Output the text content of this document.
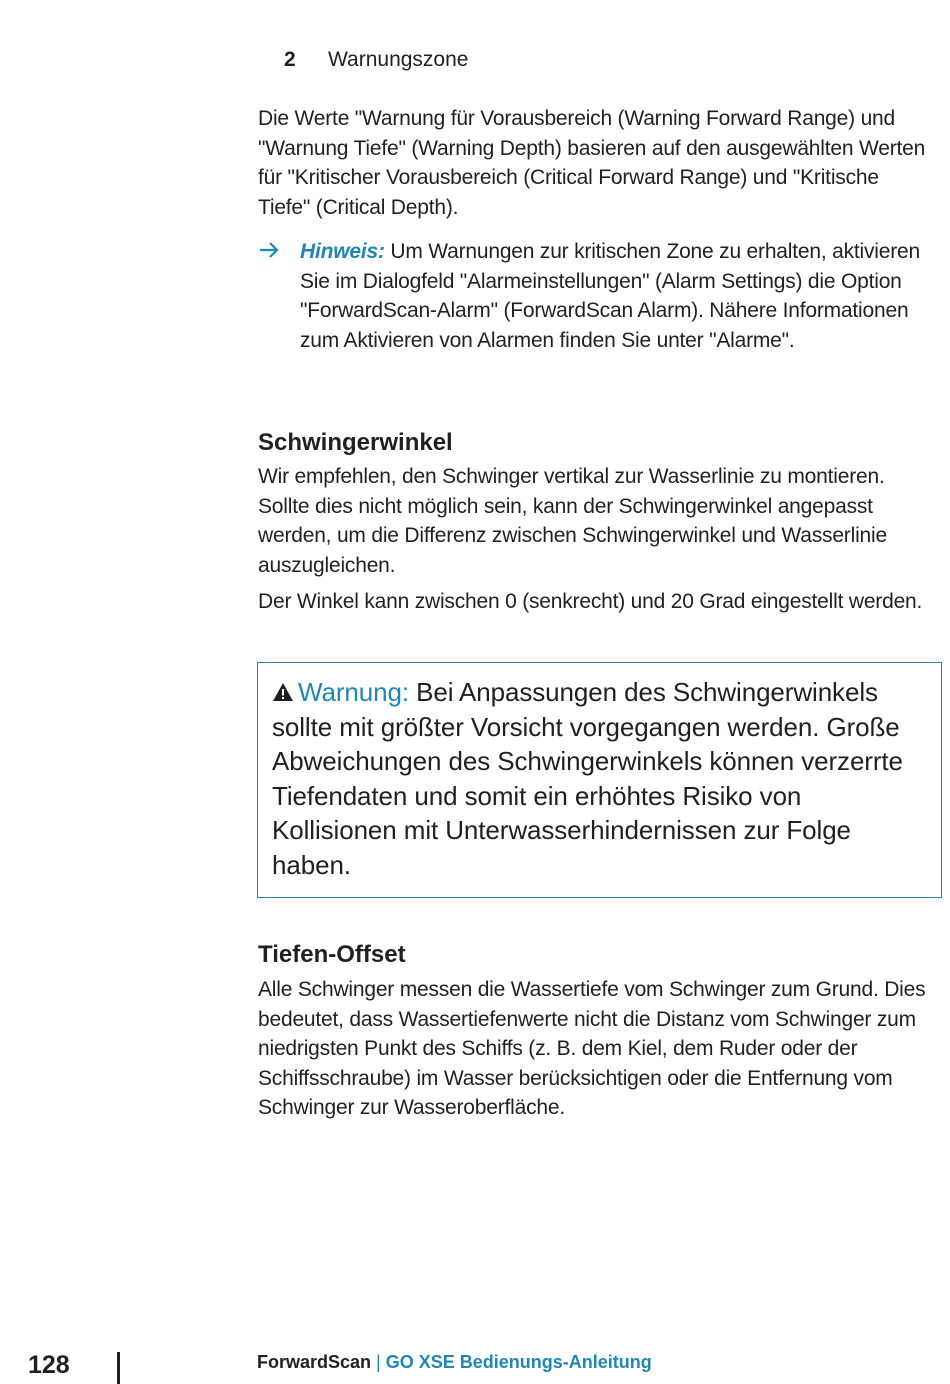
2 Warnungszone

Die Werte "Warnung für Vorausbereich (Warning Forward Range) und "Warnung Tiefe" (Warning Depth) basieren auf den ausgewählten Werten für "Kritischer Vorausbereich (Critical Forward Range) und "Kritische Tiefe" (Critical Depth).

Hinweis: Um Warnungen zur kritischen Zone zu erhalten, aktivieren Sie im Dialogfeld "Alarmeinstellungen" (Alarm Settings) die Option "ForwardScan-Alarm" (ForwardScan Alarm). Nähere Informationen zum Aktivieren von Alarmen finden Sie unter "Alarme".
Schwingerwinkel

Wir empfehlen, den Schwinger vertikal zur Wasserlinie zu montieren. Sollte dies nicht möglich sein, kann der Schwingerwinkel angepasst werden, um die Differenz zwischen Schwingerwinkel und Wasserlinie auszugleichen.

Der Winkel kann zwischen 0 (senkrecht) und 20 Grad eingestellt werden.

Warnung: Bei Anpassungen des Schwingerwinkels sollte mit größter Vorsicht vorgegangen werden. Große Abweichungen des Schwingerwinkels können verzerrte Tiefendaten und somit ein erhöhtes Risiko von Kollisionen mit Unterwasserhindernissen zur Folge haben.
Tiefen-Offset

Alle Schwinger messen die Wassertiefe vom Schwinger zum Grund. Dies bedeutet, dass Wassertiefenwerte nicht die Distanz vom Schwinger zum niedrigsten Punkt des Schiffs (z. B. dem Kiel, dem Ruder oder der Schiffsschraube) im Wasser berücksichtigen oder die Entfernung vom Schwinger zur Wasseroberfläche.

128	ForwardScan | GO XSE Bedienungs-Anleitung
